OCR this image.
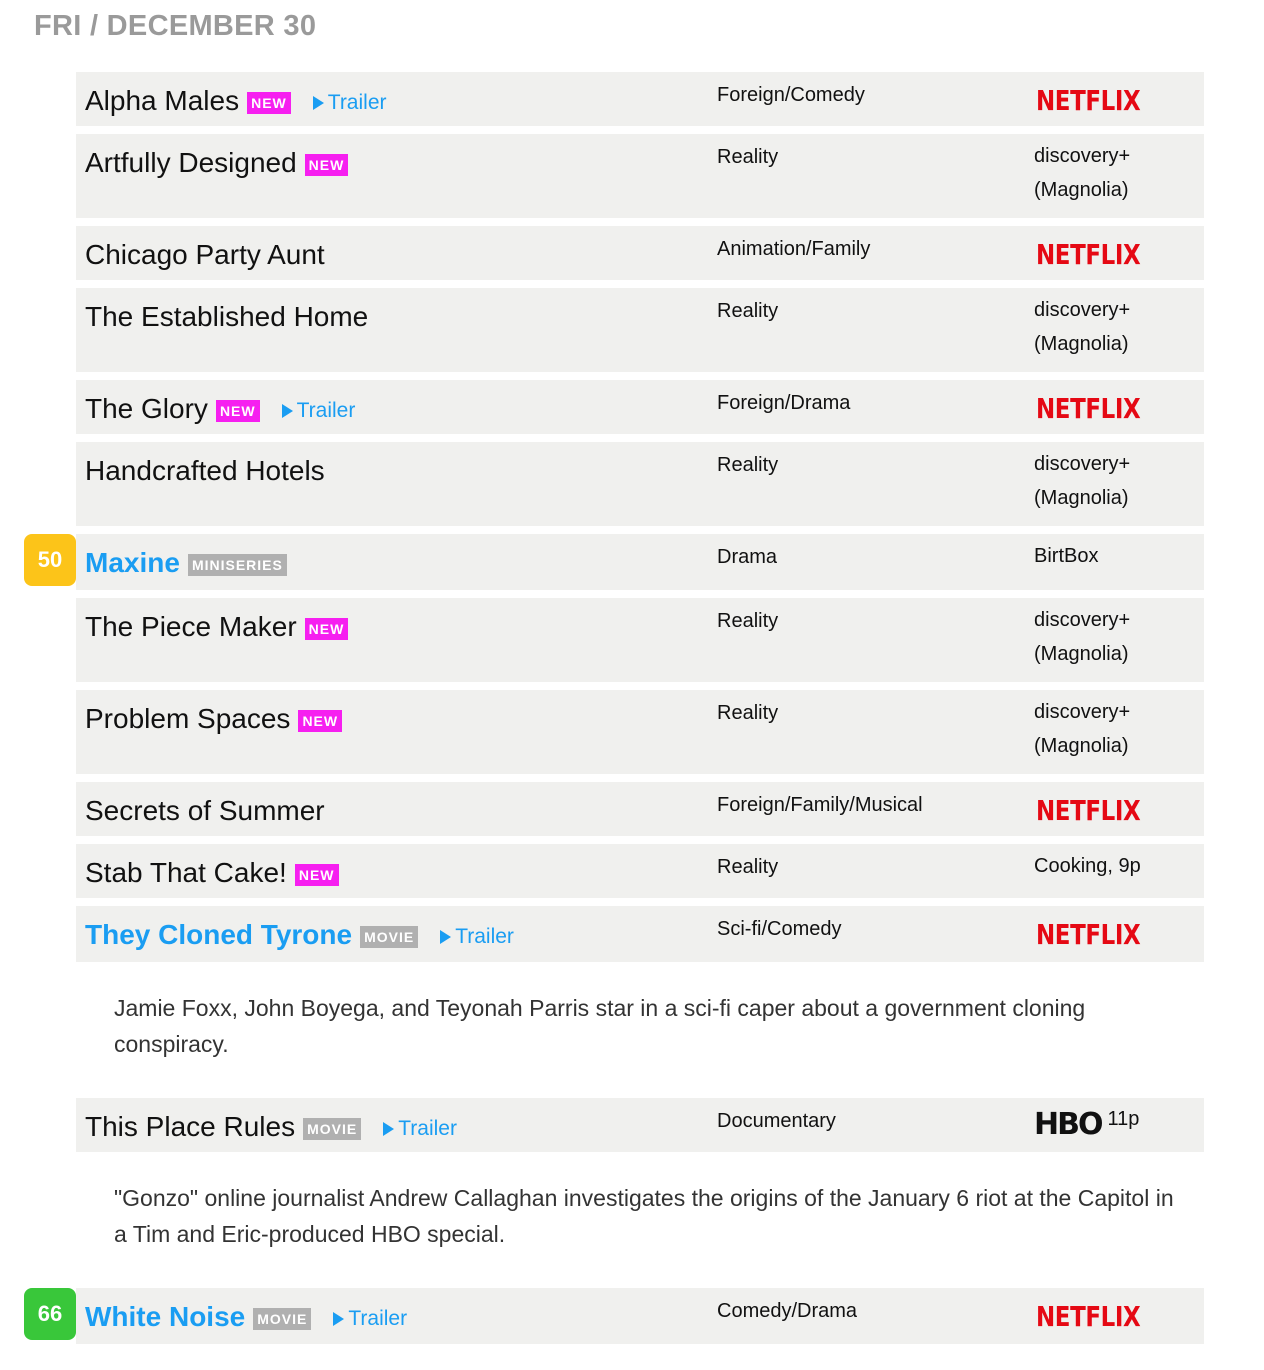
FRI / DECEMBER 30
Alpha Males NEW Trailer	Foreign/Comedy	NETFLIX
Artfully Designed NEW	Reality	discovery+
(Magnolia)
Chicago Party Aunt	Animation/Family	NETFLIX
The Established Home	Reality	discovery+
(Magnolia)
The Glory NEW Trailer	Foreign/Drama	NETFLIX
Handcrafted Hotels	Reality	discovery+
(Magnolia)
50 Maxine MINISERIES	Drama	BirtBox
The Piece Maker NEW	Reality	discovery+
(Magnolia)
Problem Spaces NEW	Reality	discovery+
(Magnolia)
Secrets of Summer	Foreign/Family/Musical	NETFLIX
Stab That Cake! NEW	Reality	Cooking, 9p
They Cloned Tyrone MOVIE Trailer	Sci-fi/Comedy	NETFLIX

Jamie Foxx, John Boyega, and Teyonah Parris star in a sci-fi caper about a government cloning conspiracy.

This Place Rules MOVIE Trailer	Documentary	HBO 11p

"Gonzo" online journalist Andrew Callaghan investigates the origins of the January 6 riot at the Capitol in a Tim and Eric-produced HBO special.

66 White Noise MOVIE Trailer	Comedy/Drama	NETFLIX
